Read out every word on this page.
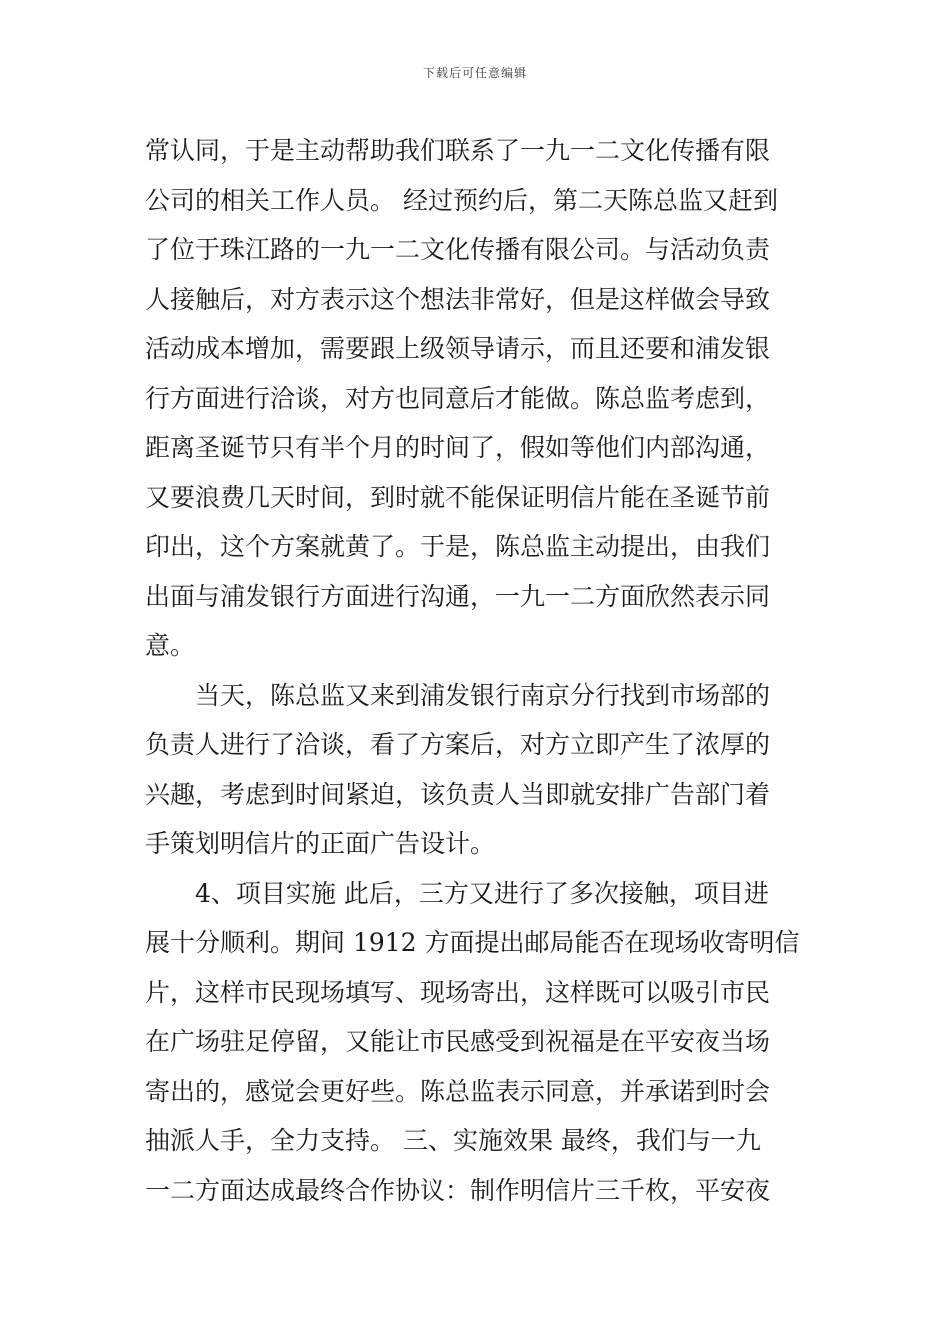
下载后可任意编辑
常认同，于是主动帮助我们联系了一九一二文化传播有限
公司的相关工作人员。 经过预约后，第二天陈总监又赶到
了位于珠江路的一九一二文化传播有限公司。与活动负责
人接触后，对方表示这个想法非常好，但是这样做会导致
活动成本增加，需要跟上级领导请示，而且还要和浦发银
行方面进行洽谈，对方也同意后才能做。陈总监考虑到，
距离圣诞节只有半个月的时间了，假如等他们内部沟通，
又要浪费几天时间，到时就不能保证明信片能在圣诞节前
印出，这个方案就黄了。于是，陈总监主动提出，由我们
出面与浦发银行方面进行沟通，一九一二方面欣然表示同
意。
　　当天，陈总监又来到浦发银行南京分行找到市场部的
负责人进行了洽谈，看了方案后，对方立即产生了浓厚的
兴趣，考虑到时间紧迫，该负责人当即就安排广告部门着
手策划明信片的正面广告设计。
　　4、项目实施 此后，三方又进行了多次接触，项目进
展十分顺利。期间 1912 方面提出邮局能否在现场收寄明信
片，这样市民现场填写、现场寄出，这样既可以吸引市民
在广场驻足停留，又能让市民感受到祝福是在平安夜当场
寄出的，感觉会更好些。陈总监表示同意，并承诺到时会
抽派人手，全力支持。 三、实施效果 最终，我们与一九
一二方面达成最终合作协议：制作明信片三千枚，平安夜
